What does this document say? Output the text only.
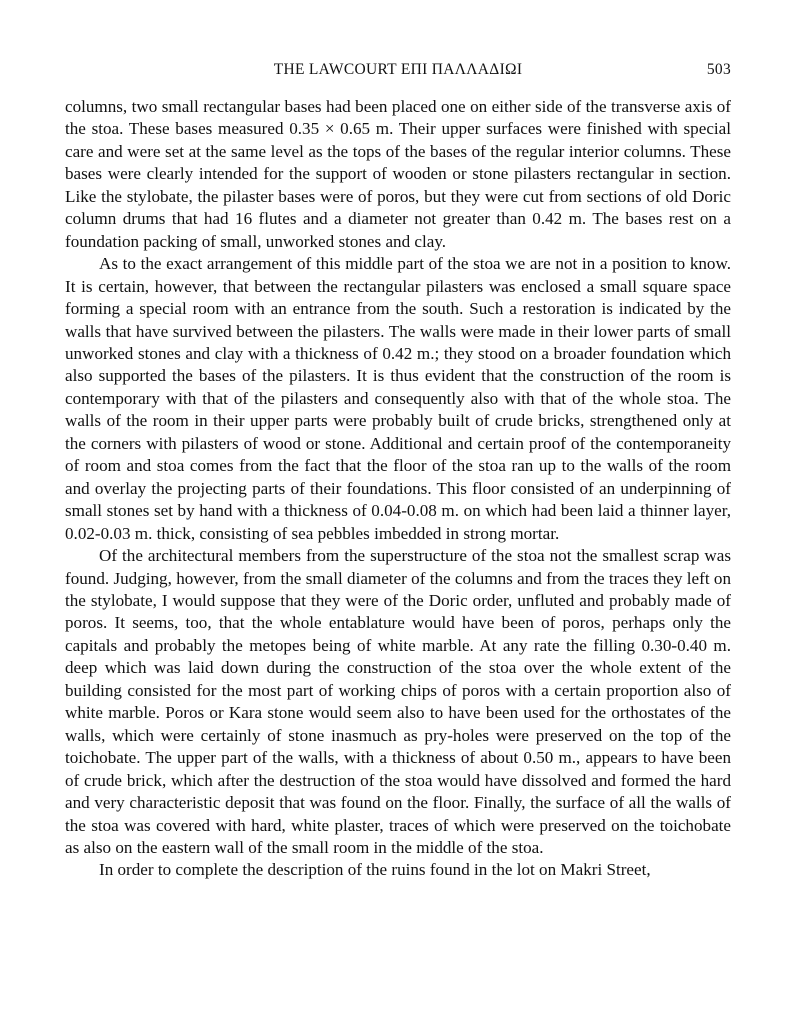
THE LAWCOURT ΕΠΙ ΠΑΛΛΑΔΙΩΙ	503

columns, two small rectangular bases had been placed one on either side of the transverse axis of the stoa. These bases measured 0.35 × 0.65 m. Their upper surfaces were finished with special care and were set at the same level as the tops of the bases of the regular interior columns. These bases were clearly intended for the support of wooden or stone pilasters rectangular in section. Like the stylobate, the pilaster bases were of poros, but they were cut from sections of old Doric column drums that had 16 flutes and a diameter not greater than 0.42 m. The bases rest on a foundation packing of small, unworked stones and clay.

As to the exact arrangement of this middle part of the stoa we are not in a position to know. It is certain, however, that between the rectangular pilasters was enclosed a small square space forming a special room with an entrance from the south. Such a restoration is indicated by the walls that have survived between the pilasters. The walls were made in their lower parts of small unworked stones and clay with a thickness of 0.42 m.; they stood on a broader foundation which also supported the bases of the pilasters. It is thus evident that the construction of the room is contemporary with that of the pilasters and consequently also with that of the whole stoa. The walls of the room in their upper parts were probably built of crude bricks, strengthened only at the corners with pilasters of wood or stone. Additional and certain proof of the contemporaneity of room and stoa comes from the fact that the floor of the stoa ran up to the walls of the room and overlay the projecting parts of their foundations. This floor consisted of an underpinning of small stones set by hand with a thickness of 0.04-0.08 m. on which had been laid a thinner layer, 0.02-0.03 m. thick, consisting of sea pebbles imbedded in strong mortar.

Of the architectural members from the superstructure of the stoa not the smallest scrap was found. Judging, however, from the small diameter of the columns and from the traces they left on the stylobate, I would suppose that they were of the Doric order, unfluted and probably made of poros. It seems, too, that the whole entablature would have been of poros, perhaps only the capitals and probably the metopes being of white marble. At any rate the filling 0.30-0.40 m. deep which was laid down during the construction of the stoa over the whole extent of the building consisted for the most part of working chips of poros with a certain proportion also of white marble. Poros or Kara stone would seem also to have been used for the orthostates of the walls, which were certainly of stone inasmuch as pry-holes were preserved on the top of the toichobate. The upper part of the walls, with a thickness of about 0.50 m., appears to have been of crude brick, which after the destruction of the stoa would have dissolved and formed the hard and very characteristic deposit that was found on the floor. Finally, the surface of all the walls of the stoa was covered with hard, white plaster, traces of which were preserved on the toichobate as also on the eastern wall of the small room in the middle of the stoa.

In order to complete the description of the ruins found in the lot on Makri Street,
